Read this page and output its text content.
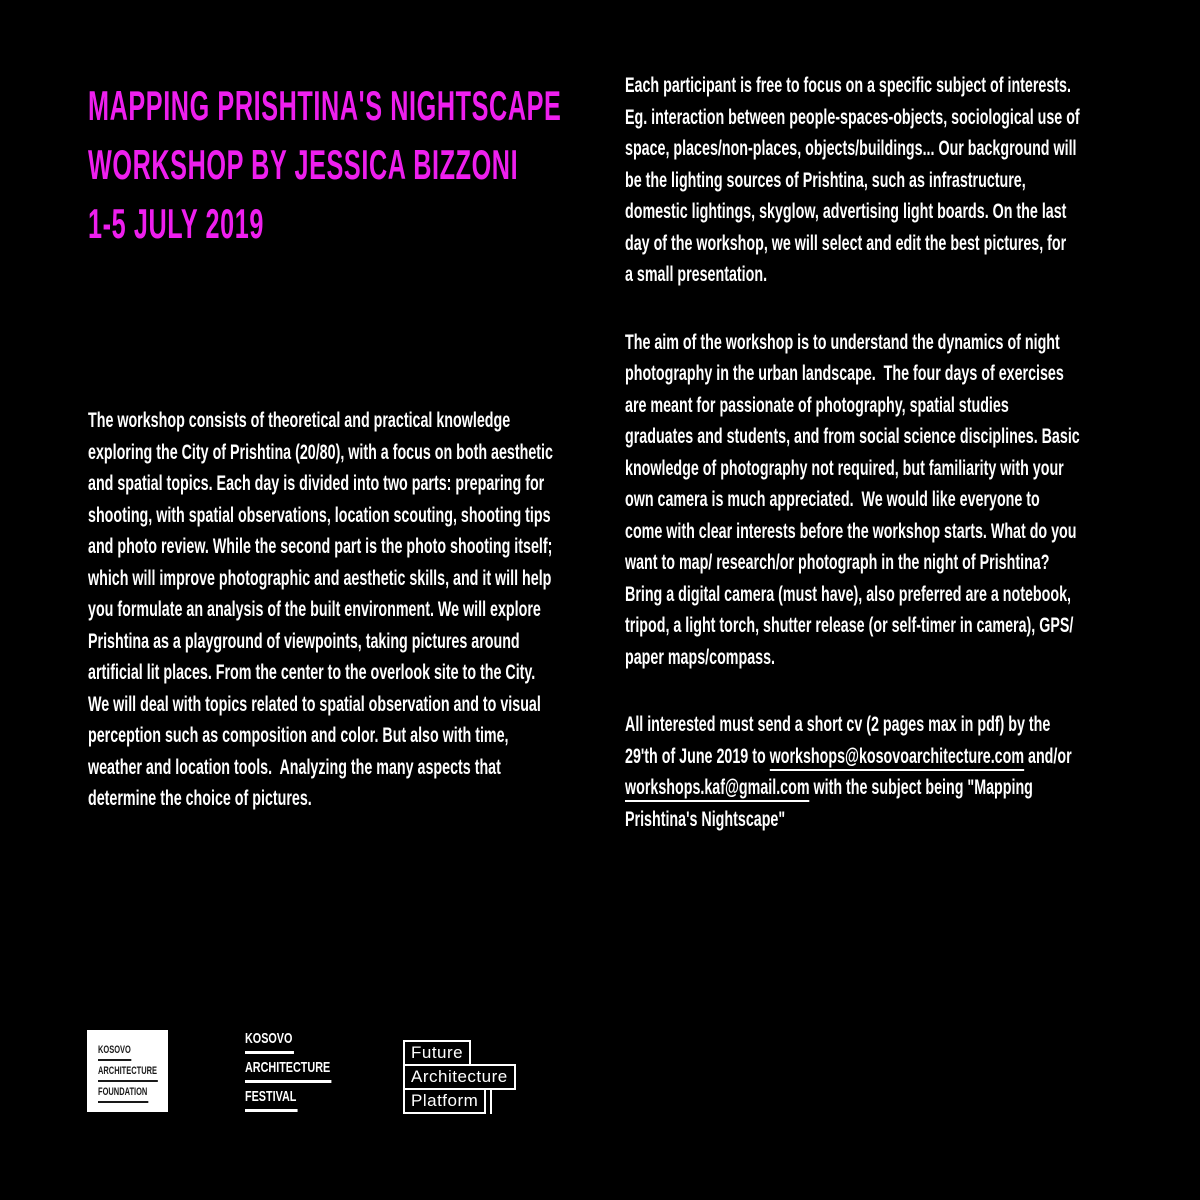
MAPPING PRISHTINA'S NIGHTSCAPE
WORKSHOP BY JESSICA BIZZONI
1-5 JULY 2019
The workshop consists of theoretical and practical knowledge
exploring the City of Prishtina (20/80), with a focus on both aesthetic
and spatial topics. Each day is divided into two parts: preparing for
shooting, with spatial observations, location scouting, shooting tips
and photo review. While the second part is the photo shooting itself;
which will improve photographic and aesthetic skills, and it will help
you formulate an analysis of the built environment. We will explore
Prishtina as a playground of viewpoints, taking pictures around
artificial lit places. From the center to the overlook site to the City.
We will deal with topics related to spatial observation and to visual
perception such as composition and color. But also with time,
weather and location tools.  Analyzing the many aspects that
determine the choice of pictures.
Each participant is free to focus on a specific subject of interests.
Eg. interaction between people-spaces-objects, sociological use of
space, places/non-places, objects/buildings... Our background will
be the lighting sources of Prishtina, such as infrastructure,
domestic lightings, skyglow, advertising light boards. On the last
day of the workshop, we will select and edit the best pictures, for
a small presentation.
The aim of the workshop is to understand the dynamics of night
photography in the urban landscape.  The four days of exercises
are meant for passionate of photography, spatial studies
graduates and students, and from social science disciplines. Basic
knowledge of photography not required, but familiarity with your
own camera is much appreciated.  We would like everyone to
come with clear interests before the workshop starts. What do you
want to map/ research/or photograph in the night of Prishtina?
Bring a digital camera (must have), also preferred are a notebook,
tripod, a light torch, shutter release (or self-timer in camera), GPS/
paper maps/compass.
All interested must send a short cv (2 pages max in pdf) by the
29'th of June 2019 to workshops@kosovoarchitecture.com and/or
workshops.kaf@gmail.com with the subject being "Mapping
Prishtina's Nightscape"
KOSOVO
ARCHITECTURE
FOUNDATION
KOSOVO
ARCHITECTURE
FESTIVAL
Future
Architecture
Platform
